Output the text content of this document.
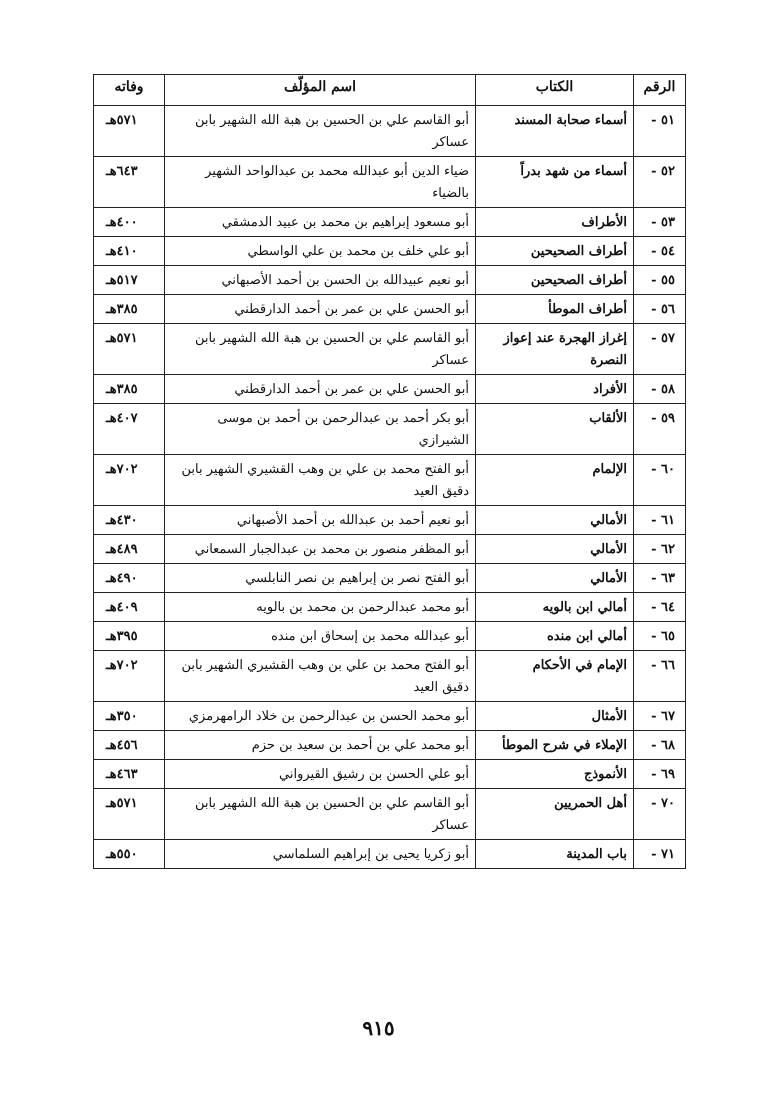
الرقم	الكتاب	اسم المؤلّف	وفاته
٥١ -	أسماء صحابة المسند	أبو القاسم علي بن الحسين بن هبة الله الشهير بابن عساكر	٥٧١هـ
٥٢ -	أسماء من شهد بدراً	ضياء الدين أبو عبدالله محمد بن عبدالواحد الشهير بالضياء	٦٤٣هـ
٥٣ -	الأطراف	أبو مسعود إبراهيم بن محمد بن عبيد الدمشقي	٤٠٠هـ
٥٤ -	أطراف الصحيحين	أبو علي خلف بن محمد بن علي الواسطي	٤١٠هـ
٥٥ -	أطراف الصحيحين	أبو نعيم عبيدالله بن الحسن بن أحمد الأصبهاني	٥١٧هـ
٥٦ -	أطراف الموطأ	أبو الحسن علي بن عمر بن أحمد الدارقطني	٣٨٥هـ
٥٧ -	إغراز الهجرة عند إعواز النصرة	أبو القاسم علي بن الحسين بن هبة الله الشهير بابن عساكر	٥٧١هـ
٥٨ -	الأفراد	أبو الحسن علي بن عمر بن أحمد الدارقطني	٣٨٥هـ
٥٩ -	الألقاب	أبو بكر أحمد بن عبدالرحمن بن أحمد بن موسى الشيرازي	٤٠٧هـ
٦٠ -	الإلمام	أبو الفتح محمد بن علي بن وهب القشيري الشهير بابن دقيق العيد	٧٠٢هـ
٦١ -	الأمالي	أبو نعيم أحمد بن عبدالله بن أحمد الأصبهاني	٤٣٠هـ
٦٢ -	الأمالي	أبو المظفر منصور بن محمد بن عبدالجبار السمعاني	٤٨٩هـ
٦٣ -	الأمالي	أبو الفتح نصر بن إبراهيم بن نصر النابلسي	٤٩٠هـ
٦٤ -	أمالي ابن بالويه	أبو محمد عبدالرحمن بن محمد بن بالويه	٤٠٩هـ
٦٥ -	أمالي ابن منده	أبو عبدالله محمد بن إسحاق ابن منده	٣٩٥هـ
٦٦ -	الإمام في الأحكام	أبو الفتح محمد بن علي بن وهب القشيري الشهير بابن دقيق العيد	٧٠٢هـ
٦٧ -	الأمثال	أبو محمد الحسن بن عبدالرحمن بن خلاد الرامهرمزي	٣٥٠هـ
٦٨ -	الإملاء في شرح الموطأ	أبو محمد علي بن أحمد بن سعيد بن حزم	٤٥٦هـ
٦٩ -	الأنموذج	أبو علي الحسن بن رشيق القيرواني	٤٦٣هـ
٧٠ -	أهل الحمريين	أبو القاسم علي بن الحسين بن هبة الله الشهير بابن عساكر	٥٧١هـ
٧١ -	باب المدينة	أبو زكريا يحيى بن إبراهيم السلماسي	٥٥٠هـ
٩١٥
